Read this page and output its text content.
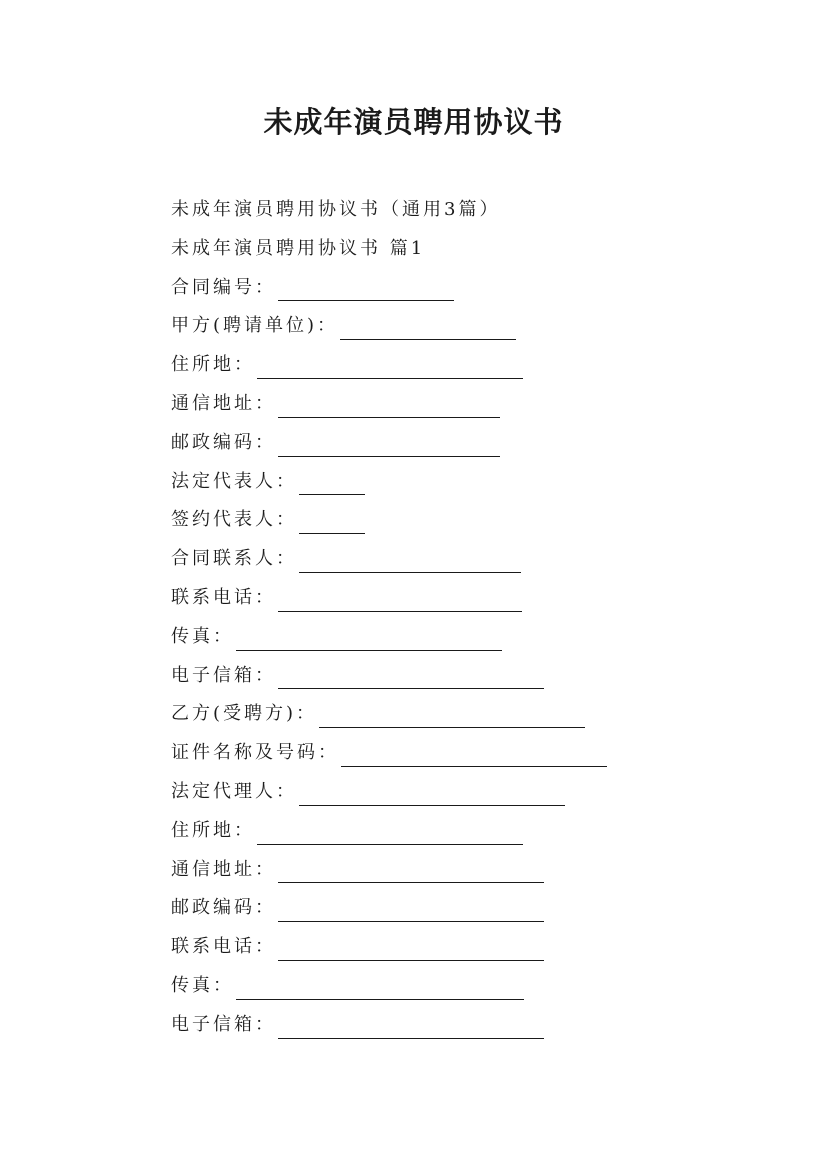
未成年演员聘用协议书
未成年演员聘用协议书（通用3篇）
未成年演员聘用协议书 篇1
合同编号：
甲方(聘请单位)：
住所地：
通信地址：
邮政编码：
法定代表人：
签约代表人：
合同联系人：
联系电话：
传真：
电子信箱：
乙方(受聘方)：
证件名称及号码：
法定代理人：
住所地：
通信地址：
邮政编码：
联系电话：
传真：
电子信箱：
